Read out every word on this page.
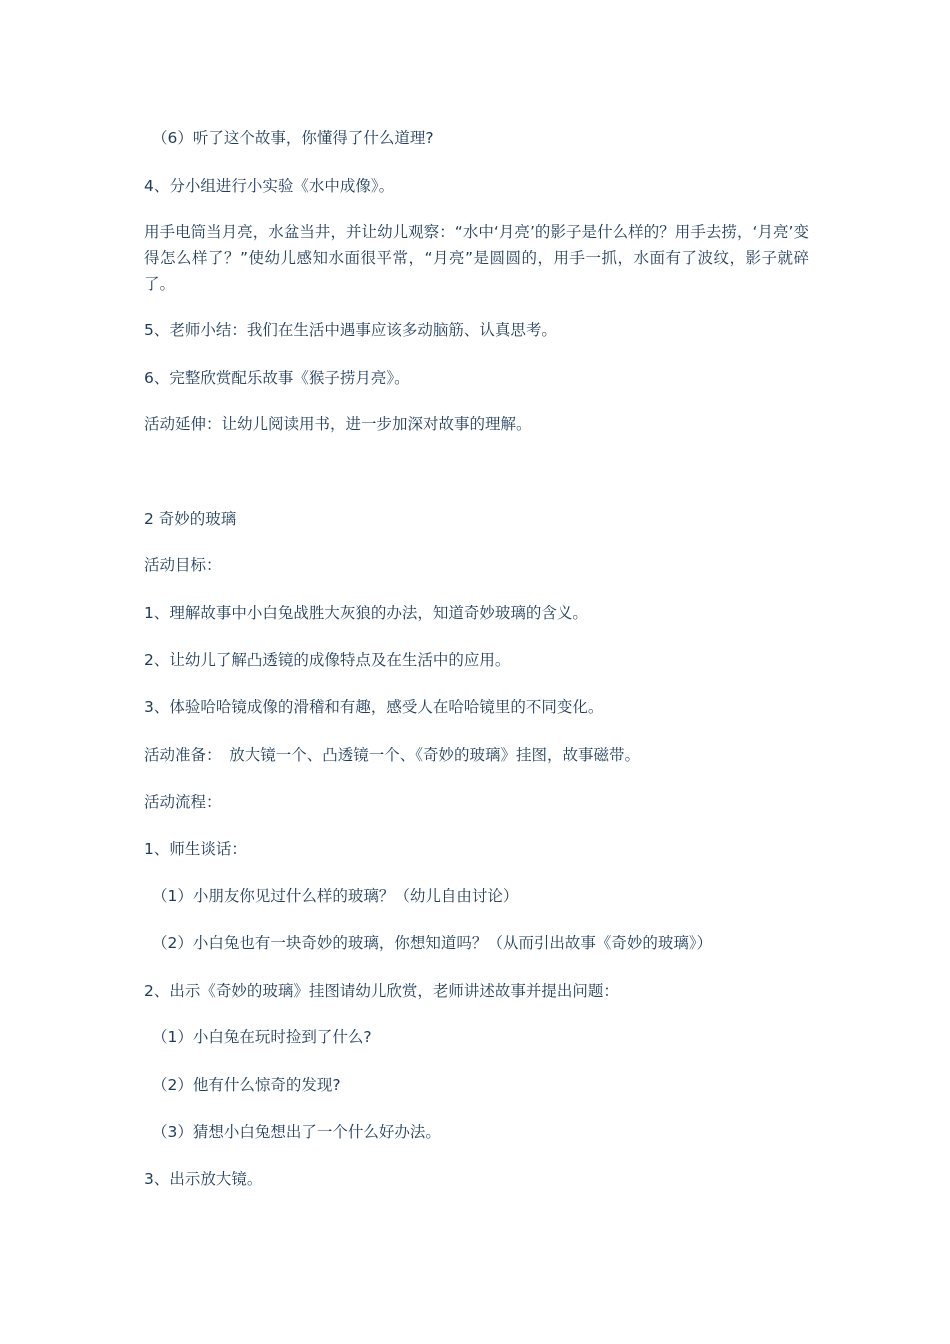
（6）听了这个故事，你懂得了什么道理?
4、分小组进行小实验《水中成像》。
用手电筒当月亮，水盆当井，并让幼儿观察：“水中‘月亮’的影子是什么样的？用手去捞，‘月亮’变得怎么样了？”使幼儿感知水面很平常，“月亮”是圆圆的，用手一抓，水面有了波纹，影子就碎了。
5、老师小结：我们在生活中遇事应该多动脑筋、认真思考。
6、完整欣赏配乐故事《猴子捞月亮》。
活动延伸：让幼儿阅读用书，进一步加深对故事的理解。
2 奇妙的玻璃
活动目标：
1、理解故事中小白兔战胜大灰狼的办法，知道奇妙玻璃的含义。
2、让幼儿了解凸透镜的成像特点及在生活中的应用。
3、体验哈哈镜成像的滑稽和有趣，感受人在哈哈镜里的不同变化。
活动准备：　放大镜一个、凸透镜一个、《奇妙的玻璃》挂图，故事磁带。
活动流程：
1、师生谈话：
（1）小朋友你见过什么样的玻璃？（幼儿自由讨论）
（2）小白兔也有一块奇妙的玻璃，你想知道吗？（从而引出故事《奇妙的玻璃》）
2、出示《奇妙的玻璃》挂图请幼儿欣赏，老师讲述故事并提出问题：
（1）小白兔在玩时捡到了什么?
（2）他有什么惊奇的发现?
（3）猜想小白兔想出了一个什么好办法。
3、出示放大镜。
